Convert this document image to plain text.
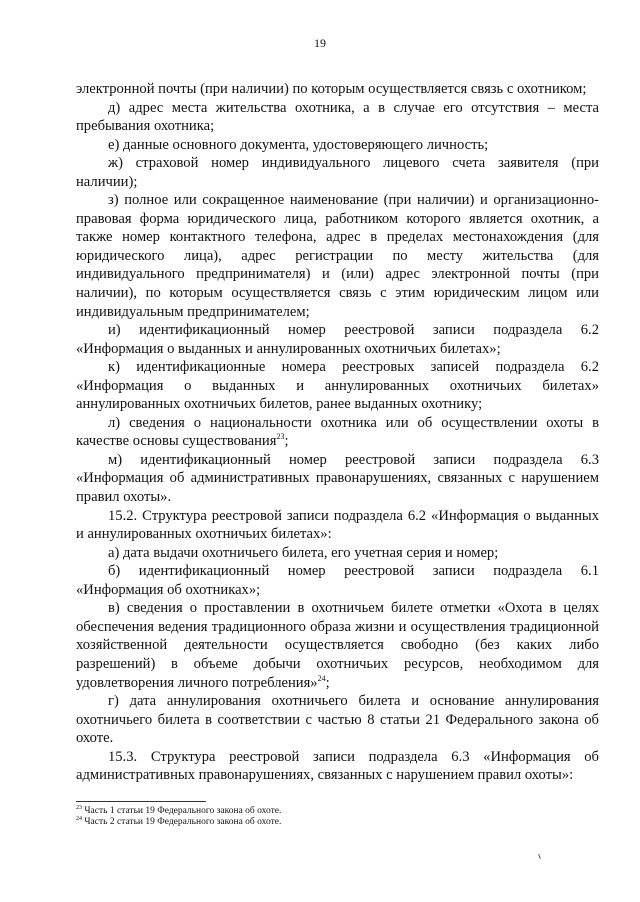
19

электронной почты (при наличии) по которым осуществляется связь с охотником;

д) адрес места жительства охотника, а в случае его отсутствия – места пребывания охотника;

е) данные основного документа, удостоверяющего личность;

ж) страховой номер индивидуального лицевого счета заявителя (при наличии);

з) полное или сокращенное наименование (при наличии) и организационно-правовая форма юридического лица, работником которого является охотник, а также номер контактного телефона, адрес в пределах местонахождения (для юридического лица), адрес регистрации по месту жительства (для индивидуального предпринимателя) и (или) адрес электронной почты (при наличии), по которым осуществляется связь с этим юридическим лицом или индивидуальным предпринимателем;

и) идентификационный номер реестровой записи подраздела 6.2 «Информация о выданных и аннулированных охотничьих билетах»;

к) идентификационные номера реестровых записей подраздела 6.2 «Информация о выданных и аннулированных охотничьих билетах» аннулированных охотничьих билетов, ранее выданных охотнику;

л) сведения о национальности охотника или об осуществлении охоты в качестве основы существования$^{23}$;

м) идентификационный номер реестровой записи подраздела 6.3 «Информация об административных правонарушениях, связанных с нарушением правил охоты».

15.2. Структура реестровой записи подраздела 6.2 «Информация о выданных и аннулированных охотничьих билетах»:

а) дата выдачи охотничьего билета, его учетная серия и номер;

б) идентификационный номер реестровой записи подраздела 6.1 «Информация об охотниках»;

в) сведения о проставлении в охотничьем билете отметки «Охота в целях обеспечения ведения традиционного образа жизни и осуществления традиционной хозяйственной деятельности осуществляется свободно (без каких либо разрешений) в объеме добычи охотничьих ресурсов, необходимом для удовлетворения личного потребления»$^{24}$;

г) дата аннулирования охотничьего билета и основание аннулирования охотничьего билета в соответствии с частью 8 статьи 21 Федерального закона об охоте.

15.3. Структура реестровой записи подраздела 6.3 «Информация об административных правонарушениях, связанных с нарушением правил охоты»:

$^{23}$ Часть 1 статьи 19 Федерального закона об охоте.

$^{24}$ Часть 2 статьи 19 Федерального закона об охоте.
